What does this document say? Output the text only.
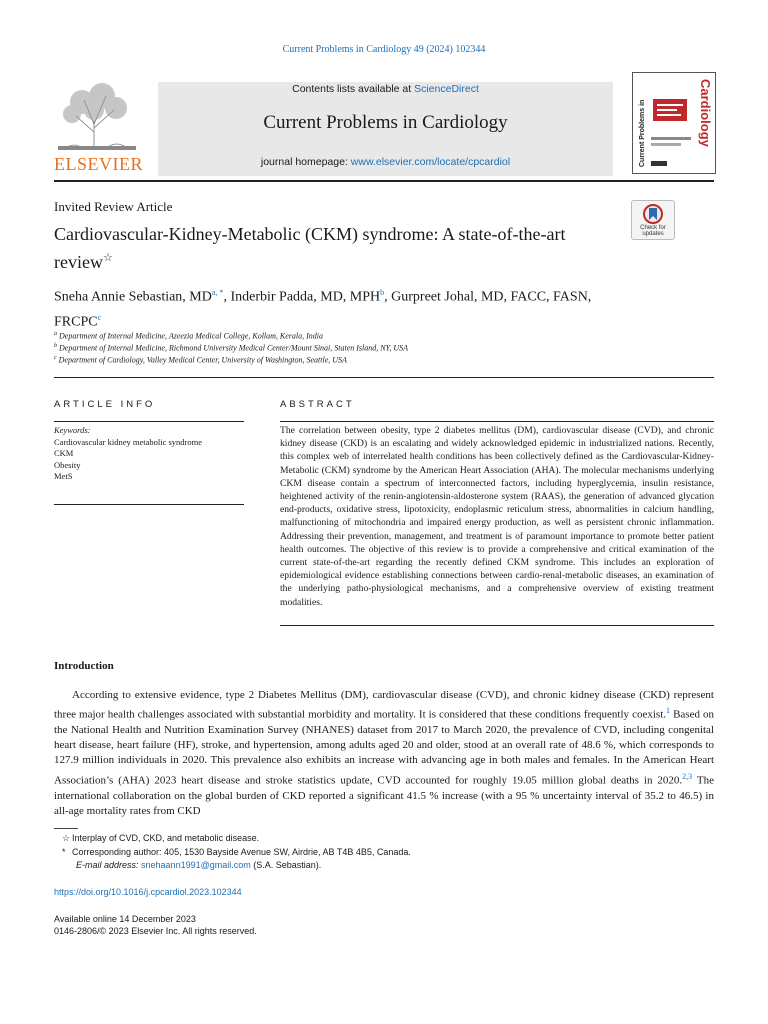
Current Problems in Cardiology 49 (2024) 102344
ELSEVIER
Contents lists available at ScienceDirect
Current Problems in Cardiology
journal homepage: www.elsevier.com/locate/cpcardiol	Current Problems in	Cardiology
Invited Review Article
Cardiovascular-Kidney-Metabolic (CKM) syndrome: A state-of-the-art review☆
Check for updates
Sneha Annie Sebastian, $MD^{a, *}$, Inderbir Padda, MD, MPH$^b$, Gurpreet Johal, MD, FACC, FASN, FRCPC$^c$
$^a$ Department of Internal Medicine, Azeezia Medical College, Kollam, Kerala, India
$^b$ Department of Internal Medicine, Richmond University Medical Center/Mount Sinai, Staten Island, NY, USA
$^c$ Department of Cardiology, Valley Medical Center, University of Washington, Seattle, USA
ARTICLE INFO	ABSTRACT
Keywords:
Cardiovascular kidney metabolic syndrome
CKM
Obesity
MetS
The correlation between obesity, type 2 diabetes mellitus (DM), cardiovascular disease (CVD), and chronic kidney disease (CKD) is an escalating and widely acknowledged epidemic in industrialized nations. Recently, this complex web of interrelated health conditions has been collectively defined as the Cardiovascular-Kidney-Metabolic (CKM) syndrome by the American Heart Association (AHA). The molecular mechanisms underlying CKM disease contain a spectrum of interconnected factors, including hyperglycemia, insulin resistance, heightened activity of the renin-angiotensin-aldosterone system (RAAS), the generation of advanced glycation end-products, oxidative stress, lipotoxicity, endoplasmic reticulum stress, abnormalities in calcium handling, malfunctioning of mitochondria and impaired energy production, as well as persistent chronic inflammation. Addressing their prevention, management, and treatment is of paramount importance to promote better patient health outcomes. The objective of this review is to provide a comprehensive and critical examination of the current state-of-the-art regarding the recently defined CKM syndrome. This includes an exploration of epidemiological evidence establishing connections between cardio-renal-metabolic diseases, an examination of the underlying patho-physiological mechanisms, and a comprehensive overview of existing treatment modalities.
Introduction
According to extensive evidence, type 2 Diabetes Mellitus (DM), cardiovascular disease (CVD), and chronic kidney disease (CKD) represent three major health challenges associated with substantial morbidity and mortality. It is considered that these conditions frequently coexist.$^1$ Based on the National Health and Nutrition Examination Survey (NHANES) dataset from 2017 to March 2020, the prevalence of CVD, including congenital heart disease, heart failure (HF), stroke, and hypertension, among adults aged 20 and older, stood at an overall rate of 48.6 %, which corresponds to 127.9 million individuals in 2020. This prevalence also exhibits an increase with advancing age in both males and females. In the American Heart Association’s (AHA) 2023 heart disease and stroke statistics update, CVD accounted for roughly 19.05 million global deaths in 2020.$^{2,3}$ The international collaboration on the global burden of CKD reported a significant 41.5 % increase (with a 95 % uncertainty interval of 35.2 to 46.5) in all-age mortality rates from CKD
☆ Interplay of CVD, CKD, and metabolic disease.
* Corresponding author: 405, 1530 Bayside Avenue SW, Airdrie, AB T4B 4B5, Canada.
E-mail address: snehaann1991@gmail.com (S.A. Sebastian).
https://doi.org/10.1016/j.cpcardiol.2023.102344
Available online 14 December 2023
0146-2806/© 2023 Elsevier Inc. All rights reserved.
